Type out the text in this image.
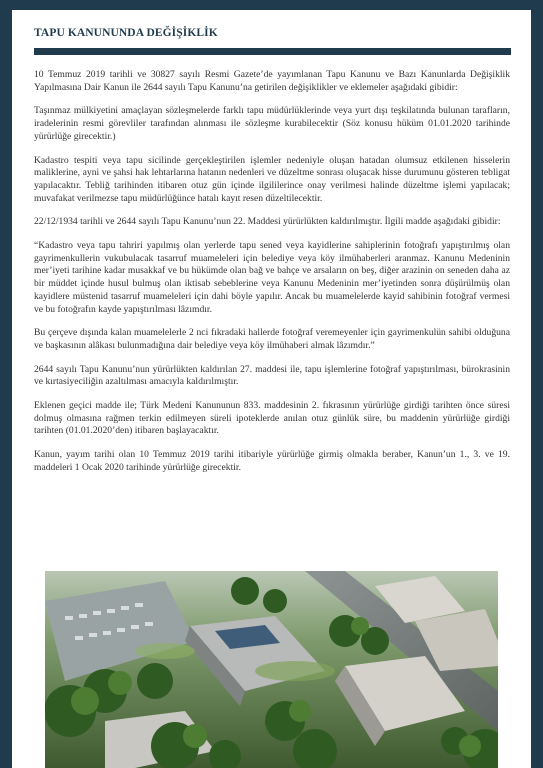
TAPU KANUNUNDA DEĞİŞİKLİK

10 Temmuz 2019 tarihli ve 30827 sayılı Resmi Gazete’de yayımlanan Tapu Kanunu ve Bazı Kanunlarda Değişiklik Yapılmasına Dair Kanun ile 2644 sayılı Tapu Kanunu’na getirilen değişiklikler ve eklemeler aşağıdaki gibidir:

Taşınmaz mülkiyetini amaçlayan sözleşmelerde farklı tapu müdürlüklerinde veya yurt dışı teşkilatında bulunan tarafların, iradelerinin resmi görevliler tarafından alınması ile sözleşme kurabilecektir (Söz konusu hüküm 01.01.2020 tarihinde yürürlüğe girecektir.)

Kadastro tespiti veya tapu sicilinde gerçekleştirilen işlemler nedeniyle oluşan hatadan olumsuz etkilenen hisselerin maliklerine, ayni ve şahsi hak lehtarlarına hatanın nedenleri ve düzeltme sonrası oluşacak hisse durumunu gösteren tebligat yapılacaktır. Tebliğ tarihinden itibaren otuz gün içinde ilgililerince onay verilmesi halinde düzeltme işlemi yapılacak; muvafakat verilmezse tapu müdürlüğünce hatalı kayıt resen düzeltilecektir.

22/12/1934 tarihli ve 2644 sayılı Tapu Kanunu’nun 22. Maddesi yürürlükten kaldırılmıştır. İlgili madde aşağıdaki gibidir:

“Kadastro veya tapu tahriri yapılmış olan yerlerde tapu sened veya kayidlerine sahiplerinin fotoğrafı yapıştırılmış olan gayrimenkullerin vukubulacak tasarruf muameleleri için belediye veya köy ilmühaberleri aranmaz. Kanunu Medeninin mer’iyeti tarihine kadar musakkaf ve bu hükümde olan bağ ve bahçe ve arsaların on beş, diğer arazinin on seneden daha az bir müddet içinde husul bulmuş olan iktisab sebeblerine veya Kanunu Medeninin mer’iyetinden sonra düşürülmüş olan kayidlere müstenid tasarruf muameleleri için dahi böyle yapılır. Ancak bu muamelelerde kayid sahibinin fotoğraf vermesi ve bu fotoğrafın kayde yapıştırılması lâzımdır.

Bu çerçeve dışında kalan muamelelerle 2 nci fıkradaki hallerde fotoğraf veremeyenler için gayrimenkulün sahibi olduğuna ve başkasının alâkası bulunmadığına dair belediye veya köy ilmühaberi almak lâzımdır.”

2644 sayılı Tapu Kanunu’nun yürürlükten kaldırılan 27. maddesi ile, tapu işlemlerine fotoğraf yapıştırılması, bürokrasinin ve kırtasiyeciliğin azaltılması amacıyla kaldırılmıştır.

Eklenen geçici madde ile; Türk Medeni Kanununun 833. maddesinin 2. fıkrasının yürürlüğe girdiği tarihten önce süresi dolmuş olmasına rağmen terkin edilmeyen süreli ipoteklerde anılan otuz günlük süre, bu maddenin yürürlüğe girdiği tarihten (01.01.2020’den) itibaren başlayacaktır.

Kanun, yayım tarihi olan 10 Temmuz 2019 tarihi itibariyle yürürlüğe girmiş olmakla beraber, Kanun’un 1., 3. ve 19. maddeleri 1 Ocak 2020 tarihinde yürürlüğe girecektir.
